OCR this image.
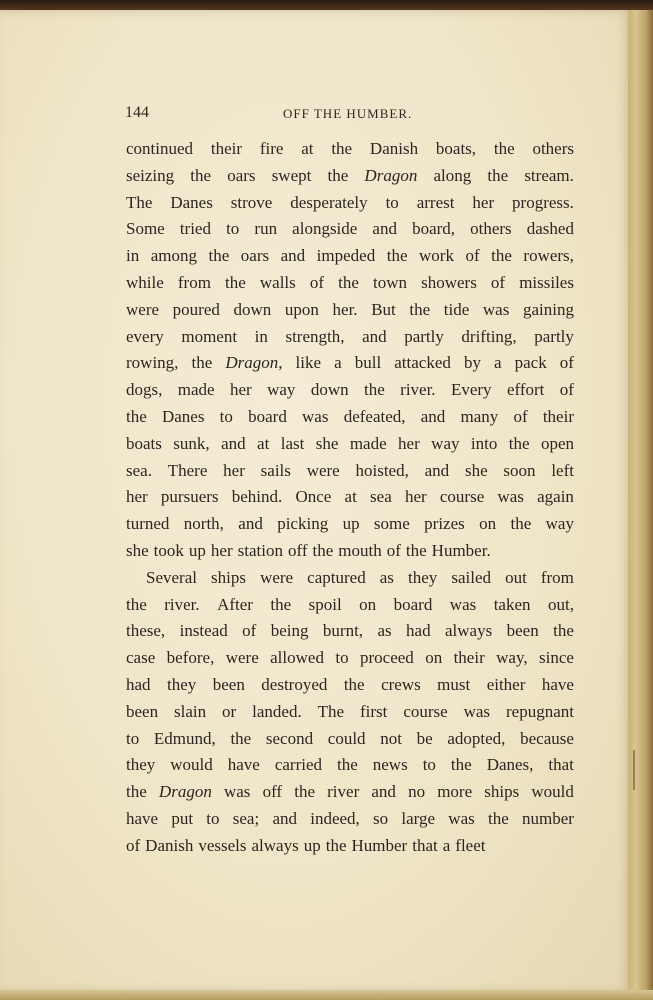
144	OFF THE HUMBER.
continued their fire at the Danish boats, the others
seizing the oars swept the Dragon along the stream.
The Danes strove desperately to arrest her progress.
Some tried to run alongside and board, others dashed
in among the oars and impeded the work of the rowers,
while from the walls of the town showers of missiles
were poured down upon her. But the tide was gaining
every moment in strength, and partly drifting, partly
rowing, the Dragon, like a bull attacked by a pack of
dogs, made her way down the river. Every effort of
the Danes to board was defeated, and many of their
boats sunk, and at last she made her way into the open
sea. There her sails were hoisted, and she soon left
her pursuers behind. Once at sea her course was again
turned north, and picking up some prizes on the way
she took up her station off the mouth of the Humber.
Several ships were captured as they sailed out from
the river. After the spoil on board was taken out,
these, instead of being burnt, as had always been the
case before, were allowed to proceed on their way, since
had they been destroyed the crews must either have
been slain or landed. The first course was repugnant
to Edmund, the second could not be adopted, because
they would have carried the news to the Danes, that
the Dragon was off the river and no more ships would
have put to sea; and indeed, so large was the number
of Danish vessels always up the Humber that a fleet
